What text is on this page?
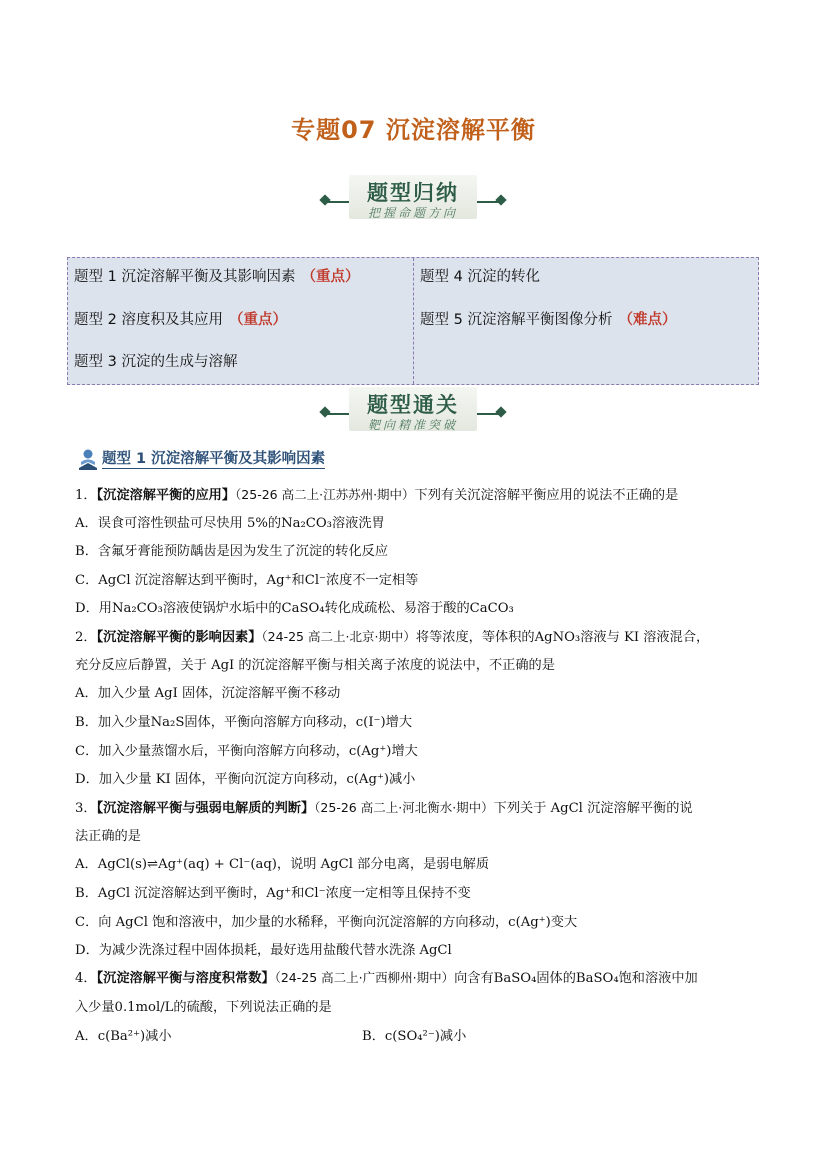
专题07 沉淀溶解平衡
题型归纳
把握命题方向
题型 1 沉淀溶解平衡及其影响因素 （重点）
题型 2 溶度积及其应用 （重点）
题型 3 沉淀的生成与溶解
题型 4 沉淀的转化
题型 5 沉淀溶解平衡图像分析 （难点）
题型通关
靶向精准突破
题型 1 沉淀溶解平衡及其影响因素
1．【沉淀溶解平衡的应用】（25-26 高二上·江苏苏州·期中）下列有关沉淀溶解平衡应用的说法不正确的是
A．误食可溶性钡盐可尽快用 5%的Na₂CO₃溶液洗胃
B．含氟牙膏能预防龋齿是因为发生了沉淀的转化反应
C．AgCl 沉淀溶解达到平衡时，Ag⁺和Cl⁻浓度不一定相等
D．用Na₂CO₃溶液使锅炉水垢中的CaSO₄转化成疏松、易溶于酸的CaCO₃
2．【沉淀溶解平衡的影响因素】（24-25 高二上·北京·期中）将等浓度，等体积的AgNO₃溶液与 KI 溶液混合，
充分反应后静置，关于 AgI 的沉淀溶解平衡与相关离子浓度的说法中，不正确的是
A．加入少量 AgI 固体，沉淀溶解平衡不移动
B．加入少量Na₂S固体，平衡向溶解方向移动，c(I⁻)增大
C．加入少量蒸馏水后，平衡向溶解方向移动，c(Ag⁺)增大
D．加入少量 KI 固体，平衡向沉淀方向移动，c(Ag⁺)减小
3．【沉淀溶解平衡与强弱电解质的判断】（25-26 高二上·河北衡水·期中）下列关于 AgCl 沉淀溶解平衡的说
法正确的是
A．AgCl(s)⇌Ag⁺(aq) + Cl⁻(aq)，说明 AgCl 部分电离，是弱电解质
B．AgCl 沉淀溶解达到平衡时，Ag⁺和Cl⁻浓度一定相等且保持不变
C．向 AgCl 饱和溶液中，加少量的水稀释，平衡向沉淀溶解的方向移动，c(Ag⁺)变大
D．为减少洗涤过程中固体损耗，最好选用盐酸代替水洗涤 AgCl
4．【沉淀溶解平衡与溶度积常数】（24-25 高二上·广西柳州·期中）向含有BaSO₄固体的BaSO₄饱和溶液中加
入少量0.1mol/L的硫酸，下列说法正确的是
A．c(Ba²⁺)减小	B．c(SO₄²⁻)减小
